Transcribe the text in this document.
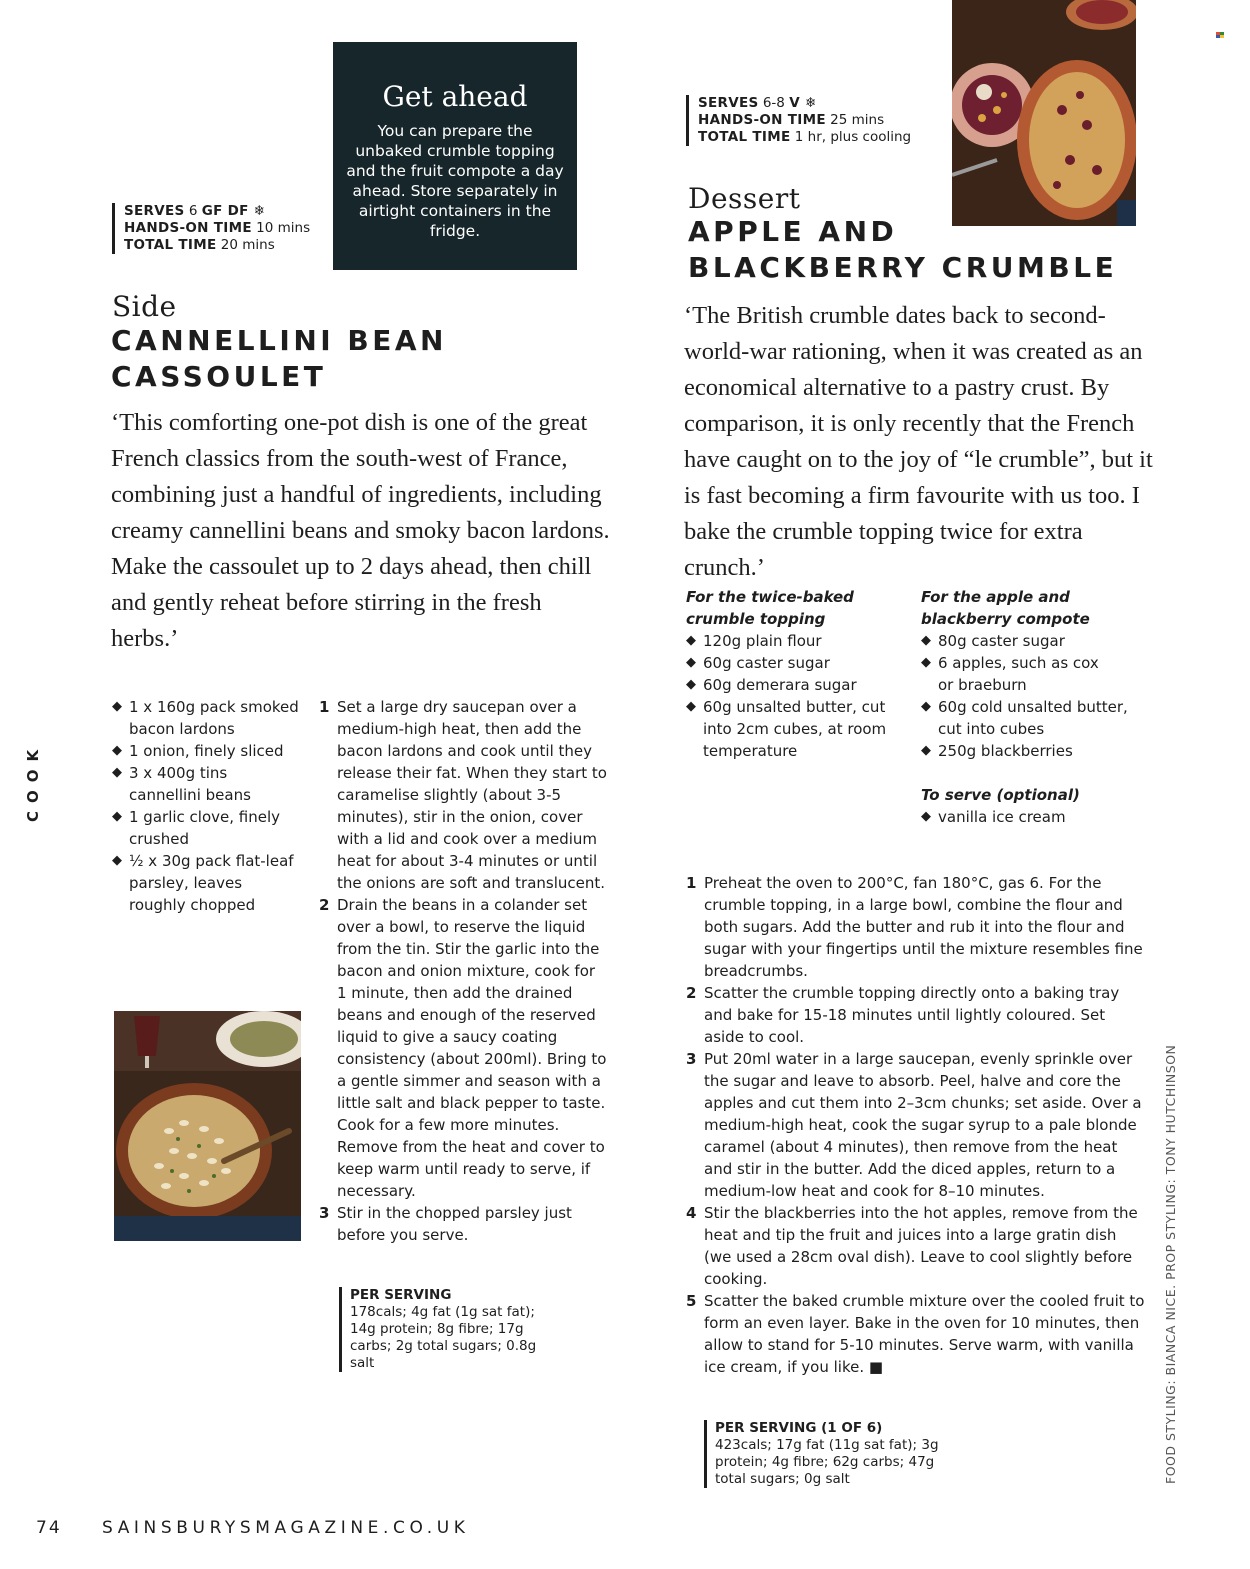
Get ahead
You can prepare the unbaked crumble topping and the fruit compote a day ahead. Store separately in airtight containers in the fridge.
SERVES 6 GF DF ❄
HANDS-ON TIME 10 mins
TOTAL TIME 20 mins
Side
CANNELLINI BEAN
CASSOULET
‘This comforting one-pot dish is one of the great French classics from the south-west of France, combining just a handful of ingredients, including creamy cannellini beans and smoky bacon lardons. Make the cassoulet up to 2 days ahead, then chill and gently reheat before stirring in the fresh herbs.’
◆ 1 x 160g pack smoked bacon lardons
◆ 1 onion, finely sliced
◆ 3 x 400g tins cannellini beans
◆ 1 garlic clove, finely crushed
◆ ½ x 30g pack flat-leaf parsley, leaves roughly chopped
1 Set a large dry saucepan over a medium-high heat, then add the bacon lardons and cook until they release their fat. When they start to caramelise slightly (about 3-5 minutes), stir in the onion, cover with a lid and cook over a medium heat for about 3-4 minutes or until the onions are soft and translucent.
2 Drain the beans in a colander set over a bowl, to reserve the liquid from the tin. Stir the garlic into the bacon and onion mixture, cook for 1 minute, then add the drained beans and enough of the reserved liquid to give a saucy coating consistency (about 200ml). Bring to a gentle simmer and season with a little salt and black pepper to taste. Cook for a few more minutes. Remove from the heat and cover to keep warm until ready to serve, if necessary.
3 Stir in the chopped parsley just before you serve.
PER SERVING
178cals; 4g fat (1g sat fat); 14g protein; 8g fibre; 17g carbs; 2g total sugars; 0.8g salt
SERVES 6-8 V ❄
HANDS-ON TIME 25 mins
TOTAL TIME 1 hr, plus cooling
Dessert
APPLE AND
BLACKBERRY CRUMBLE
‘The British crumble dates back to second-world-war rationing, when it was created as an economical alternative to a pastry crust. By comparison, it is only recently that the French have caught on to the joy of “le crumble”, but it is fast becoming a firm favourite with us too. I bake the crumble topping twice for extra crunch.’
For the twice-baked crumble topping
◆ 120g plain flour
◆ 60g caster sugar
◆ 60g demerara sugar
◆ 60g unsalted butter, cut into 2cm cubes, at room temperature
For the apple and blackberry compote
◆ 80g caster sugar
◆ 6 apples, such as cox or braeburn
◆ 60g cold unsalted butter, cut into cubes
◆ 250g blackberries
To serve (optional)
◆ vanilla ice cream
1 Preheat the oven to 200°C, fan 180°C, gas 6. For the crumble topping, in a large bowl, combine the flour and both sugars. Add the butter and rub it into the flour and sugar with your fingertips until the mixture resembles fine breadcrumbs.
2 Scatter the crumble topping directly onto a baking tray and bake for 15-18 minutes until lightly coloured. Set aside to cool.
3 Put 20ml water in a large saucepan, evenly sprinkle over the sugar and leave to absorb. Peel, halve and core the apples and cut them into 2–3cm chunks; set aside. Over a medium-high heat, cook the sugar syrup to a pale blonde caramel (about 4 minutes), then remove from the heat and stir in the butter. Add the diced apples, return to a medium-low heat and cook for 8–10 minutes.
4 Stir the blackberries into the hot apples, remove from the heat and tip the fruit and juices into a large gratin dish (we used a 28cm oval dish). Leave to cool slightly before cooking.
5 Scatter the baked crumble mixture over the cooled fruit to form an even layer. Bake in the oven for 10 minutes, then allow to stand for 5-10 minutes. Serve warm, with vanilla ice cream, if you like. ■
PER SERVING (1 OF 6)
423cals; 17g fat (11g sat fat); 3g protein; 4g fibre; 62g carbs; 47g total sugars; 0g salt
COOK
FOOD STYLING: BIANCA NICE. PROP STYLING: TONY HUTCHINSON
74 SAINSBURYSMAGAZINE.CO.UK
